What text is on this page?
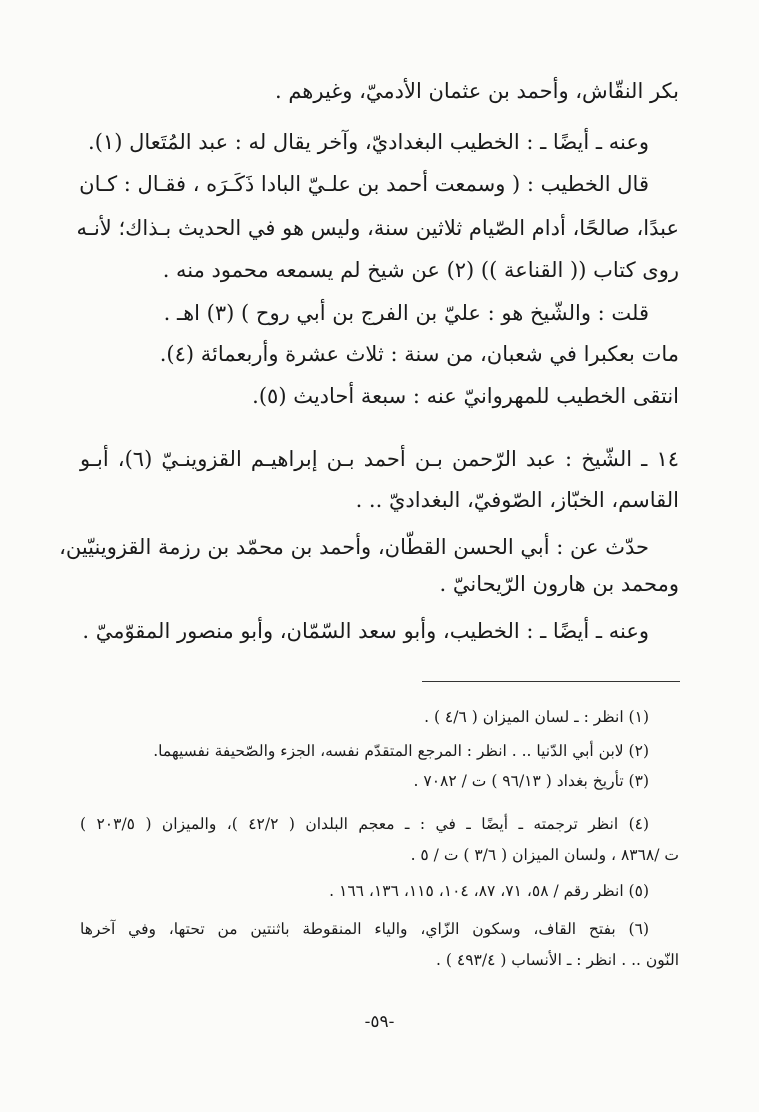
بكر النقّاش، وأحمد بن عثمان الأدميّ، وغيرهم .
وعنه ـ أيضًا ـ : الخطيب البغداديّ، وآخر يقال له : عبد المُتَعال (١).
قال الخطيب : ( وسمعت أحمد بن علـيّ البادا ذَكَـرَه ، فقـال : كـان
عبدًا، صالحًا، أدام الصّيام ثلاثين سنة، وليس هو في الحديث بـذاك؛ لأنـه
روى كتاب (( القناعة )) (٢) عن شيخ لم يسمعه محمود منه .
قلت : والشّيخ هو : عليّ بن الفرج بن أبي روح ) (٣) اهـ .
مات بعكبرا في شعبان، من سنة : ثلاث عشرة وأربعمائة (٤).
انتقى الخطيب للمهروانيّ عنه : سبعة أحاديث (٥).
١٤ ـ الشّيخ : عبد الرّحمن بـن أحمد بـن إبراهيـم القزوينـيّ (٦)، أبـو
القاسم، الخبّاز، الصّوفيّ، البغداديّ .. .
حدّث عن : أبي الحسن القطّان، وأحمد بن محمّد بن رزمة القزوينيّين،
ومحمد بن هارون الرّيحانيّ .
وعنه ـ أيضًا ـ : الخطيب، وأبو سعد السّمّان، وأبو منصور المقوّميّ .
(١) انظر : ـ لسان الميزان ( ٤/٦ ) .
(٢) لابن أبي الدّنيا .. . انظر : المرجع المتقدّم نفسه، الجزء والصّحيفة نفسيهما.
(٣) تأريخ بغداد ( ٩٦/١٣ ) ت / ٧٠٨٢ .
(٤) انظر ترجمته ـ أيضًا ـ في : ـ معجم البلدان ( ٤٢/٢ )، والميزان ( ٢٠٣/٥ )
ت /٨٣٦٨ ، ولسان الميزان ( ٣/٦ ) ت / ٥ .
(٥) انظر رقم / ٥٨، ٧١، ٨٧، ١٠٤، ١١٥، ١٣٦، ١٦٦ .
(٦) بفتح القاف، وسكون الزّاي، والياء المنقوطة باثنتين من تحتها، وفي آخرها
النّون .. . انظر : ـ الأنساب ( ٤٩٣/٤ ) .
-٥٩-
